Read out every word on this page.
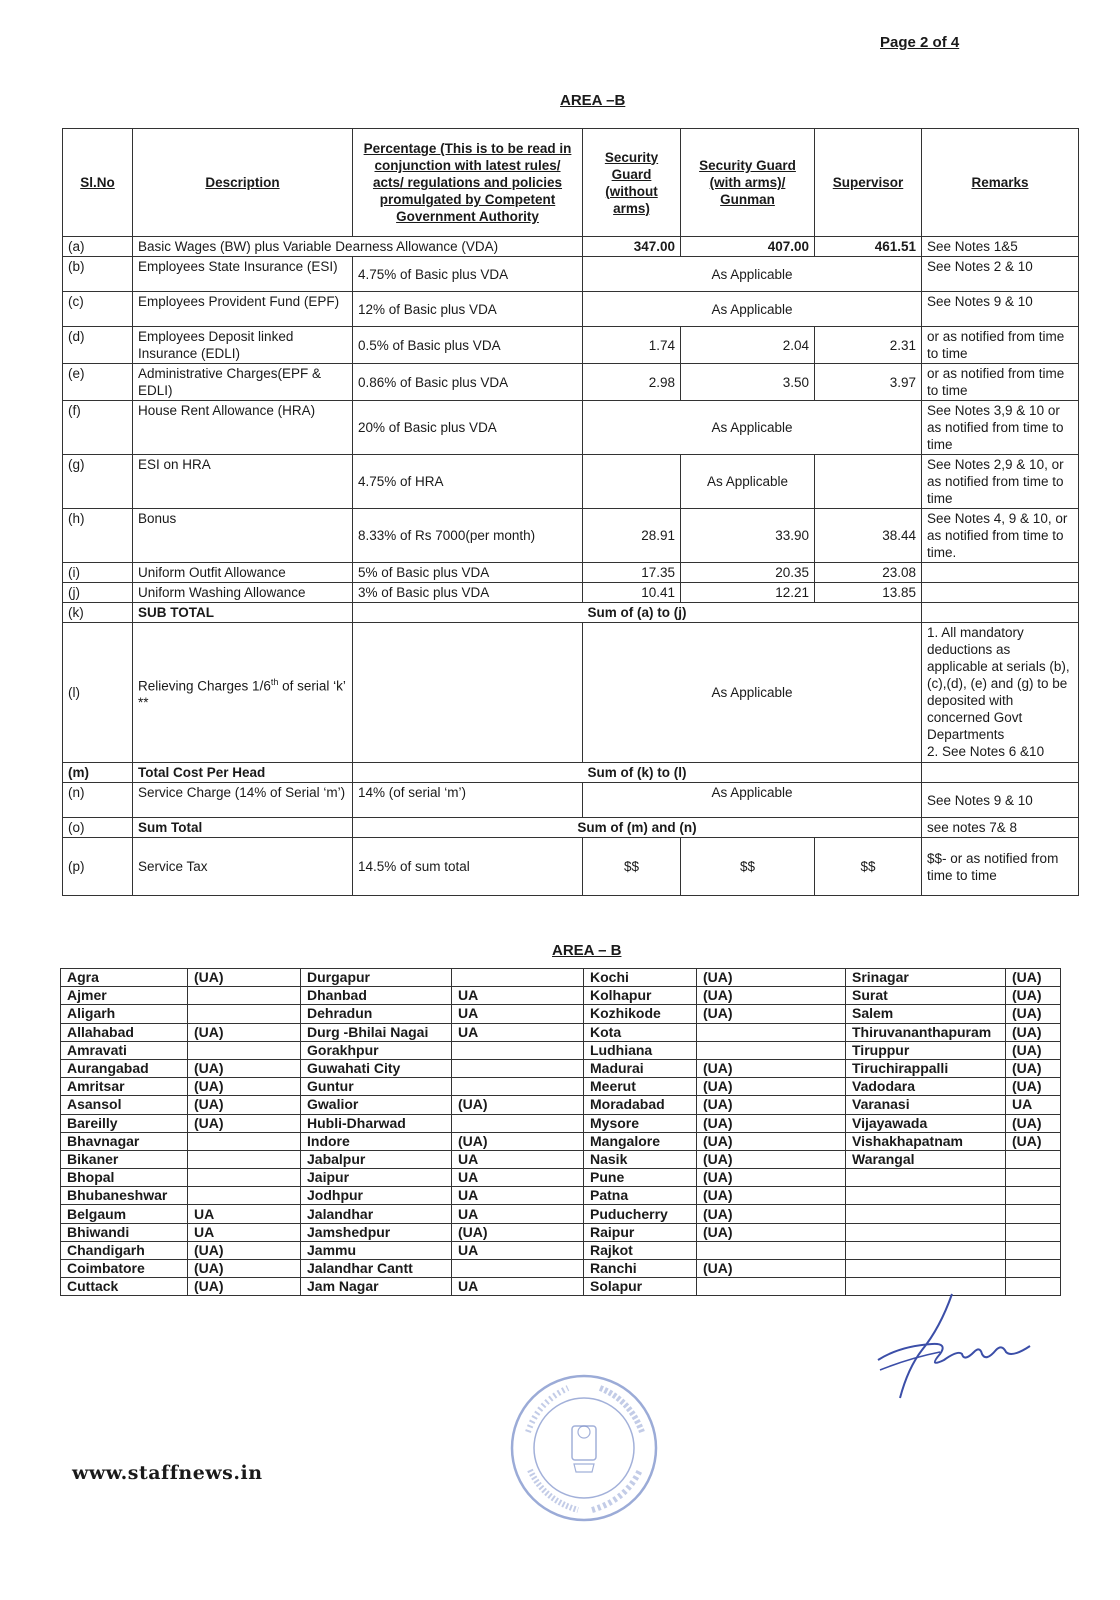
Page 2 of 4
AREA –B
Sl.No	Description	Percentage (This is to be read in conjunction with latest rules/ acts/ regulations and policies promulgated by Competent Government Authority	Security Guard (without arms)	Security Guard (with arms)/ Gunman	Supervisor	Remarks
(a)	Basic Wages (BW) plus Variable Dearness Allowance (VDA)		347.00	407.00	461.51	See Notes 1&5
(b)	Employees State Insurance (ESI)	4.75% of Basic plus VDA	As Applicable			See Notes 2 & 10
(c)	Employees Provident Fund (EPF)	12% of Basic plus VDA	As Applicable			See Notes 9 & 10
(d)	Employees Deposit linked Insurance (EDLI)	0.5% of Basic plus VDA	1.74	2.04	2.31	or as notified from time to time
(e)	Administrative Charges(EPF & EDLI)	0.86% of Basic plus VDA	2.98	3.50	3.97	or as notified from time to time
(f)	House Rent Allowance (HRA)	20% of Basic plus VDA	As Applicable			See Notes 3,9 & 10 or as notified from time to time
(g)	ESI on HRA	4.75% of HRA		As Applicable		See Notes 2,9 & 10, or as notified from time to time
(h)	Bonus	8.33% of Rs 7000(per month)	28.91	33.90	38.44	See Notes 4, 9 & 10, or as notified from time to time.
(i)	Uniform Outfit Allowance	5% of Basic plus VDA	17.35	20.35	23.08	
(j)	Uniform Washing Allowance	3% of Basic plus VDA	10.41	12.21	13.85	
(k)	SUB TOTAL	Sum of (a) to (j)				
(l)	Relieving Charges 1/6th of serial ‘k’ **		As Applicable			1. All mandatory deductions as applicable at serials (b),(c),(d), (e) and (g) to be deposited with concerned Govt Departments
2. See Notes 6 &10

(m)	Total Cost Per Head	Sum of (k) to (l)				
(n)	Service Charge (14% of Serial ‘m’)	14% (of serial ‘m’)	As Applicable			See Notes 9 & 10
(o)	Sum Total	Sum of (m) and (n)				see notes 7& 8
(p)	Service Tax	14.5% of sum total	$$	$$	$$	$$- or as notified from time to time
AREA – B
Agra	(UA)	Durgapur		Kochi	(UA)	Srinagar	(UA)
Ajmer		Dhanbad	UA	Kolhapur	(UA)	Surat	(UA)
Aligarh		Dehradun	UA	Kozhikode	(UA)	Salem	(UA)
Allahabad	(UA)	Durg -Bhilai Nagai	UA	Kota		Thiruvananthapuram	(UA)
Amravati		Gorakhpur		Ludhiana		Tiruppur	(UA)
Aurangabad	(UA)	Guwahati City		Madurai	(UA)	Tiruchirappalli	(UA)
Amritsar	(UA)	Guntur		Meerut	(UA)	Vadodara	(UA)
Asansol	(UA)	Gwalior	(UA)	Moradabad	(UA)	Varanasi	UA
Bareilly	(UA)	Hubli-Dharwad		Mysore	(UA)	Vijayawada	(UA)
Bhavnagar		Indore	(UA)	Mangalore	(UA)	Vishakhapatnam	(UA)
Bikaner		Jabalpur	UA	Nasik	(UA)	Warangal	
Bhopal		Jaipur	UA	Pune	(UA)		
Bhubaneshwar		Jodhpur	UA	Patna	(UA)		
Belgaum	UA	Jalandhar	UA	Puducherry	(UA)		
Bhiwandi	UA	Jamshedpur	(UA)	Raipur	(UA)		
Chandigarh	(UA)	Jammu	UA	Rajkot			
Coimbatore	(UA)	Jalandhar Cantt		Ranchi	(UA)		
Cuttack	(UA)	Jam Nagar	UA	Solapur			
www.staffnews.in
